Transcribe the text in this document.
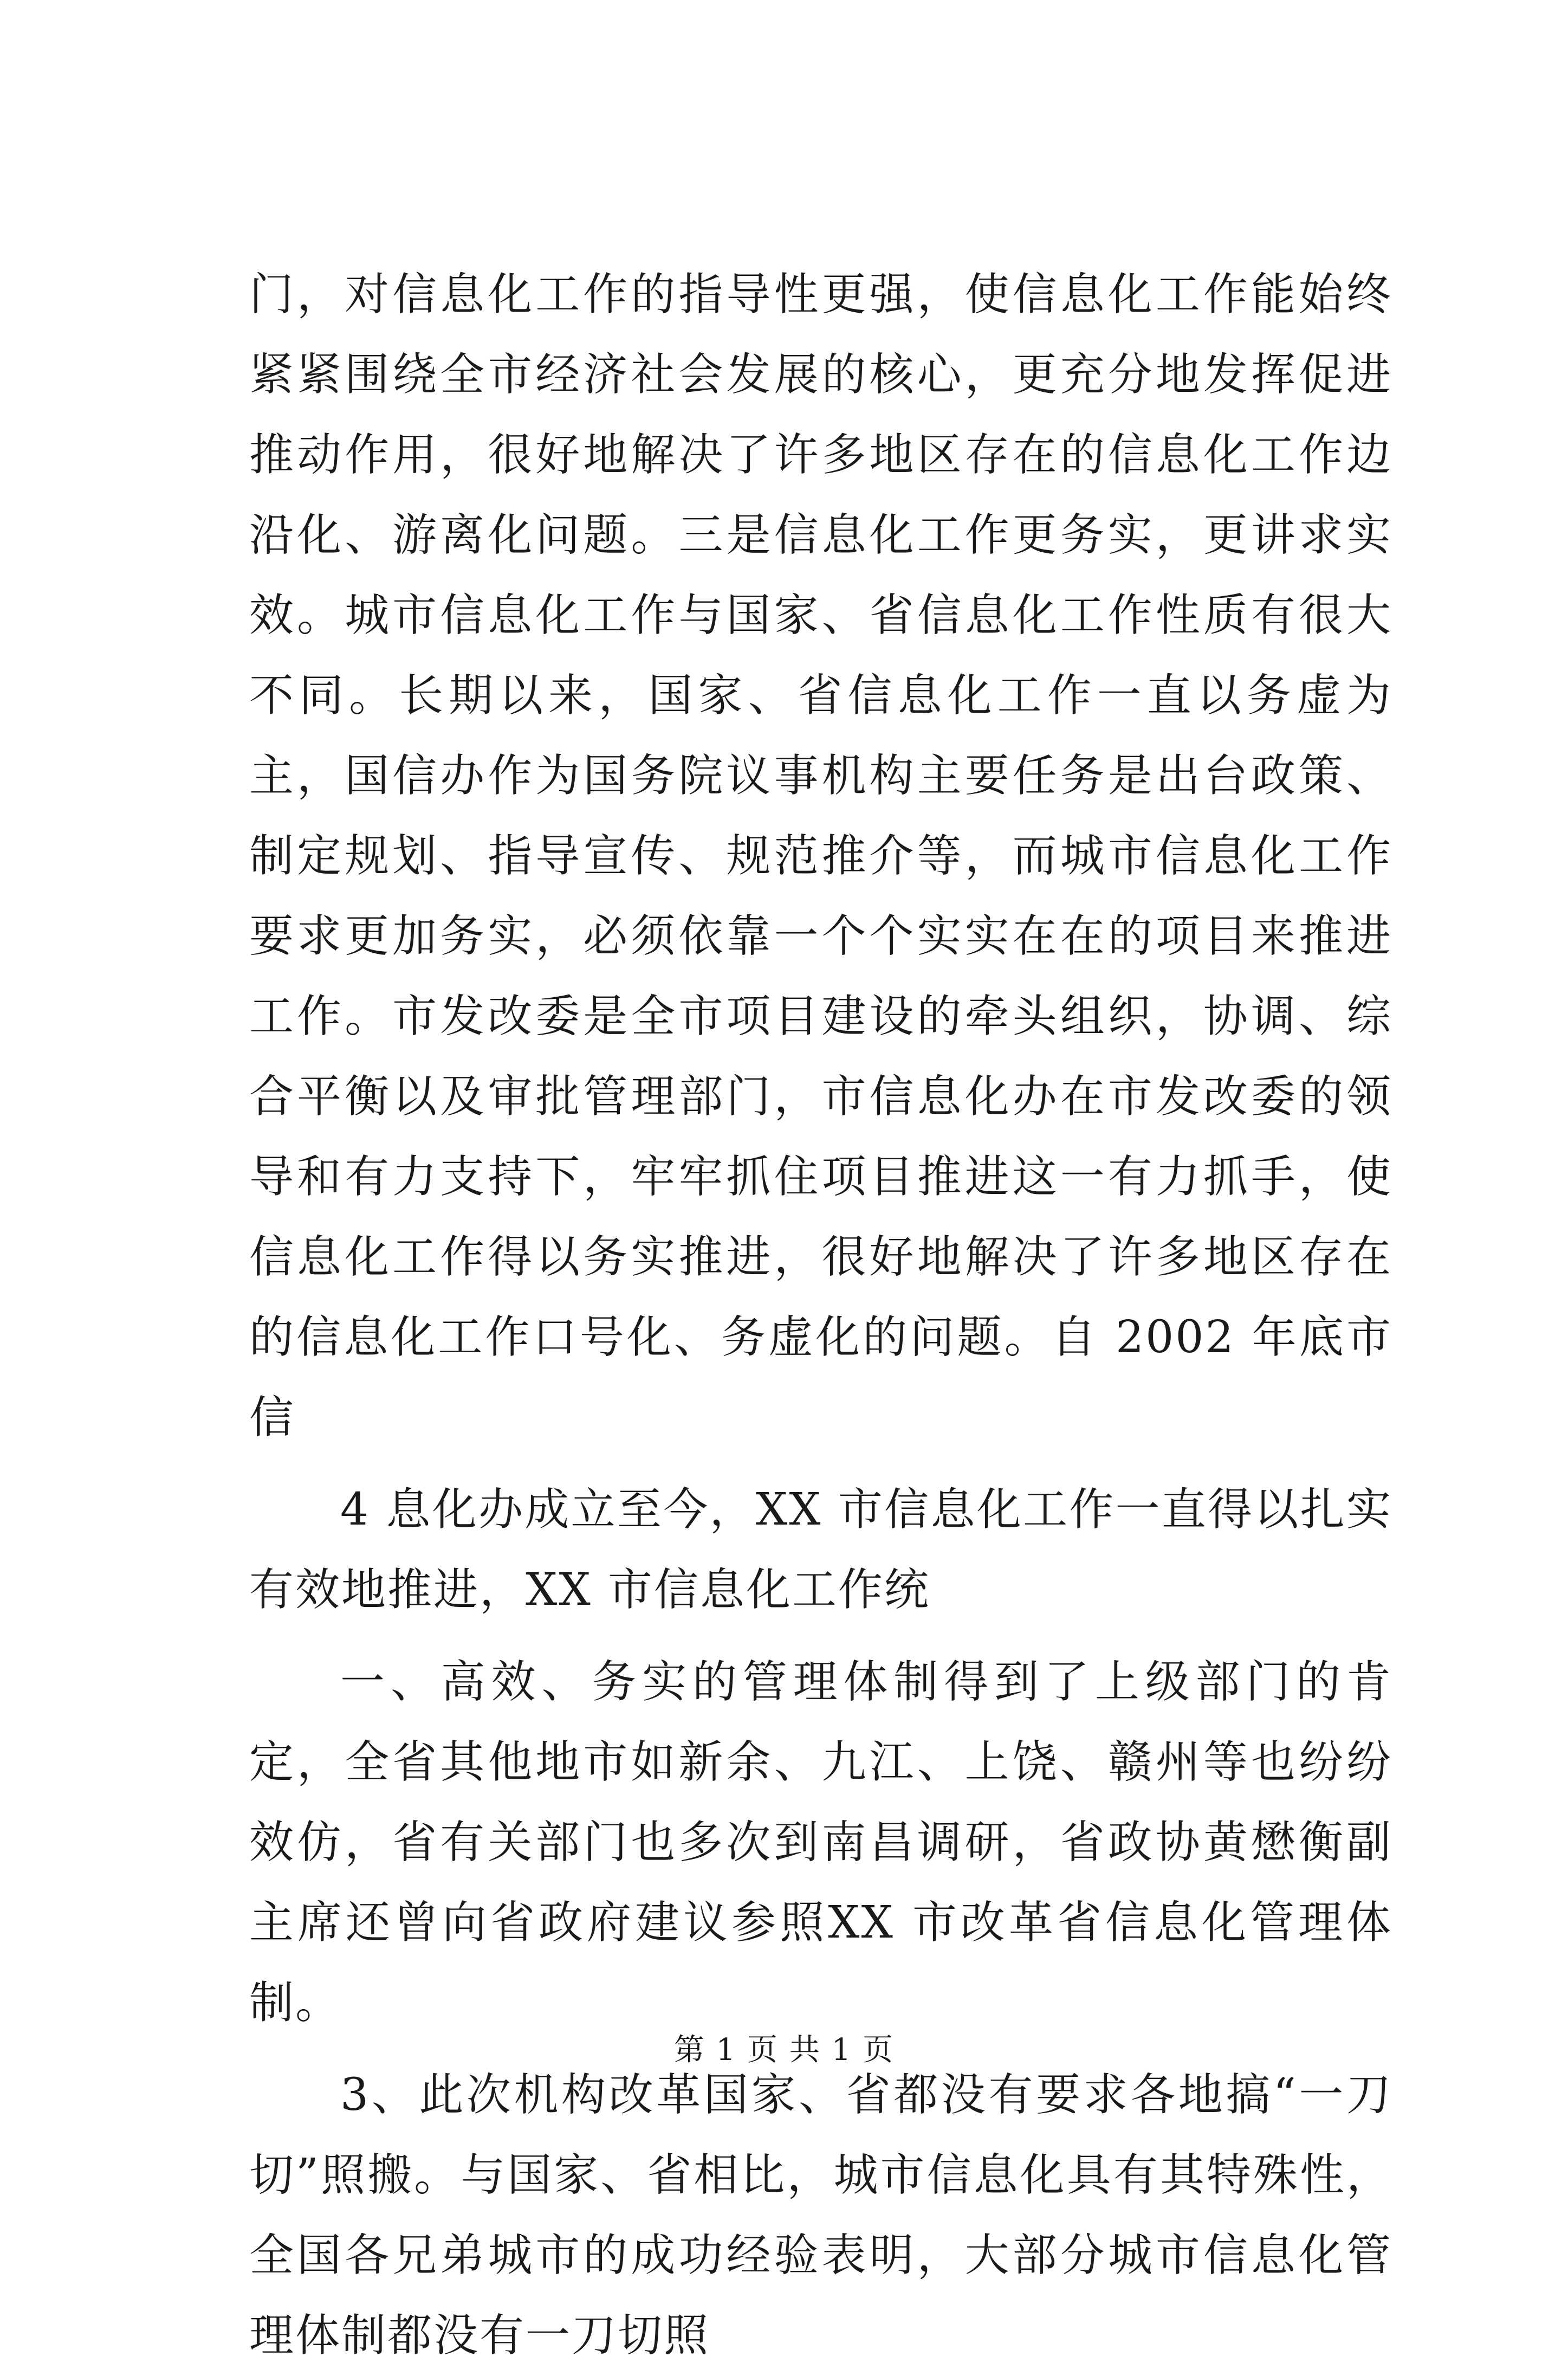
门，对信息化工作的指导性更强，使信息化工作能始终紧紧围绕全市经济社会发展的核心，更充分地发挥促进推动作用，很好地解决了许多地区存在的信息化工作边沿化、游离化问题。三是信息化工作更务实，更讲求实效。城市信息化工作与国家、省信息化工作性质有很大不同。长期以来，国家、省信息化工作一直以务虚为主，国信办作为国务院议事机构主要任务是出台政策、制定规划、指导宣传、规范推介等，而城市信息化工作要求更加务实，必须依靠一个个实实在在的项目来推进工作。市发改委是全市项目建设的牵头组织，协调、综合平衡以及审批管理部门，市信息化办在市发改委的领导和有力支持下，牢牢抓住项目推进这一有力抓手，使信息化工作得以务实推进，很好地解决了许多地区存在的信息化工作口号化、务虚化的问题。自 2002 年底市信

4 息化办成立至今，XX 市信息化工作一直得以扎实有效地推进，XX 市信息化工作统

一、高效、务实的管理体制得到了上级部门的肯定，全省其他地市如新余、九江、上饶、赣州等也纷纷效仿，省有关部门也多次到南昌调研，省政协黄懋衡副主席还曾向省政府建议参照XX 市改革省信息化管理体制。

3、此次机构改革国家、省都没有要求各地搞“一刀切”照搬。与国家、省相比，城市信息化具有其特殊性，全国各兄弟城市的成功经验表明，大部分城市信息化管理体制都没有一刀切照

第 1 页 共 1 页
